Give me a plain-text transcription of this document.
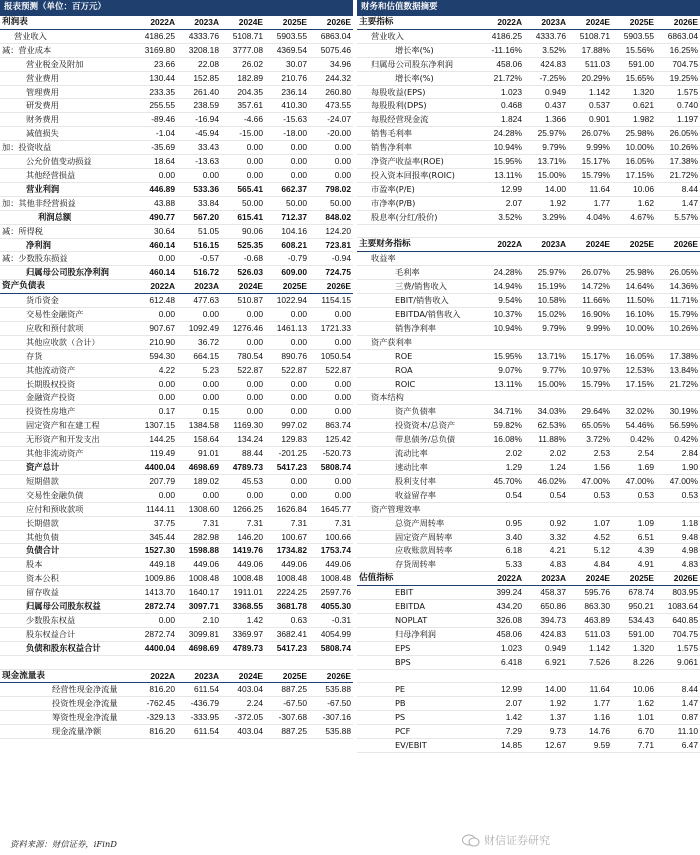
报表预测（单位：百万元）	财务和估值数据摘要
利润表	2022A	2023A	2024E	2025E	2026E
营业收入	4186.25	4333.76	5108.71	5903.55	6863.04
减：营业成本	3169.80	3208.18	3777.08	4369.54	5075.46
营业税金及附加	23.66	22.08	26.02	30.07	34.96
营业费用	130.44	152.85	182.89	210.76	244.32
管理费用	233.35	261.40	204.35	236.14	260.80
研发费用	255.55	238.59	357.61	410.30	473.55
财务费用	-89.46	-16.94	-4.66	-15.63	-24.07
减值损失	-1.04	-45.94	-15.00	-18.00	-20.00
加：投资收益	-35.69	33.43	0.00	0.00	0.00
公允价值变动损益	18.64	-13.63	0.00	0.00	0.00
其他经营损益	0.00	0.00	0.00	0.00	0.00
营业利润	446.89	533.36	565.41	662.37	798.02
加：其他非经营损益	43.88	33.84	50.00	50.00	50.00
利润总额	490.77	567.20	615.41	712.37	848.02
减：所得税	30.64	51.05	90.06	104.16	124.20
净利润	460.14	516.15	525.35	608.21	723.81
减：少数股东损益	0.00	-0.57	-0.68	-0.79	-0.94
归属母公司股东净利润	460.14	516.72	526.03	609.00	724.75
资产负债表	2022A	2023A	2024E	2025E	2026E
货币资金	612.48	477.63	510.87	1022.94	1154.15
交易性金融资产	0.00	0.00	0.00	0.00	0.00
应收和预付款项	907.67	1092.49	1276.46	1461.13	1721.33
其他应收款（合计）	210.90	36.72	0.00	0.00	0.00
存货	594.30	664.15	780.54	890.76	1050.54
其他流动资产	4.22	5.23	522.87	522.87	522.87
长期股权投资	0.00	0.00	0.00	0.00	0.00
金融资产投资	0.00	0.00	0.00	0.00	0.00
投资性房地产	0.17	0.15	0.00	0.00	0.00
固定资产和在建工程	1307.15	1384.58	1169.30	997.02	863.74
无形资产和开发支出	144.25	158.64	134.24	129.83	125.42
其他非流动资产	119.49	91.01	88.44	-201.25	-520.73
资产总计	4400.04	4698.69	4789.73	5417.23	5808.74
短期借款	207.79	189.02	45.53	0.00	0.00
交易性金融负债	0.00	0.00	0.00	0.00	0.00
应付和预收款项	1144.11	1308.60	1266.25	1626.84	1645.77
长期借款	37.75	7.31	7.31	7.31	7.31
其他负债	345.44	282.98	146.20	100.67	100.66
负债合计	1527.30	1598.88	1419.76	1734.82	1753.74
股本	449.18	449.06	449.06	449.06	449.06
资本公积	1009.86	1008.48	1008.48	1008.48	1008.48
留存收益	1413.70	1640.17	1911.01	2224.25	2597.76
归属母公司股东权益	2872.74	3097.71	3368.55	3681.78	4055.30
少数股东权益	0.00	2.10	1.42	0.63	-0.31
股东权益合计	2872.74	3099.81	3369.97	3682.41	4054.99
负债和股东权益合计	4400.04	4698.69	4789.73	5417.23	5808.74

现金流量表	2022A	2023A	2024E	2025E	2026E
经营性现金净流量	816.20	611.54	403.04	887.25	535.88
投资性现金净流量	-762.45	-436.79	2.24	-67.50	-67.50
筹资性现金净流量	-329.13	-333.95	-372.05	-307.68	-307.16
现金流量净额	816.20	611.54	403.04	887.25	535.88
主要指标	2022A	2023A	2024E	2025E	2026E
营业收入	4186.25	4333.76	5108.71	5903.55	6863.04
增长率(%)	-11.16%	3.52%	17.88%	15.56%	16.25%
归属母公司股东净利润	458.06	424.83	511.03	591.00	704.75
增长率(%)	21.72%	-7.25%	20.29%	15.65%	19.25%
每股收益(EPS)	1.023	0.949	1.142	1.320	1.575
每股股利(DPS)	0.468	0.437	0.537	0.621	0.740
每股经营现金流	1.824	1.366	0.901	1.982	1.197
销售毛利率	24.28%	25.97%	26.07%	25.98%	26.05%
销售净利率	10.94%	9.79%	9.99%	10.00%	10.26%
净资产收益率(ROE)	15.95%	13.71%	15.17%	16.05%	17.38%
投入资本回报率(ROIC)	13.11%	15.00%	15.79%	17.15%	21.72%
市盈率(P/E)	12.99	14.00	11.64	10.06	8.44
市净率(P/B)	2.07	1.92	1.77	1.62	1.47
股息率(分红/股价)	3.52%	3.29%	4.04%	4.67%	5.57%

主要财务指标	2022A	2023A	2024E	2025E	2026E
收益率					
毛利率	24.28%	25.97%	26.07%	25.98%	26.05%
三费/销售收入	14.94%	15.19%	14.72%	14.64%	14.36%
EBIT/销售收入	9.54%	10.58%	11.66%	11.50%	11.71%
EBITDA/销售收入	10.37%	15.02%	16.90%	16.10%	15.79%
销售净利率	10.94%	9.79%	9.99%	10.00%	10.26%
资产获利率					
ROE	15.95%	13.71%	15.17%	16.05%	17.38%
ROA	9.07%	9.77%	10.97%	12.53%	13.84%
ROIC	13.11%	15.00%	15.79%	17.15%	21.72%
资本结构					
资产负债率	34.71%	34.03%	29.64%	32.02%	30.19%
投资资本/总资产	59.82%	62.53%	65.05%	54.46%	56.59%
带息债务/总负债	16.08%	11.88%	3.72%	0.42%	0.42%
流动比率	2.02	2.02	2.53	2.54	2.84
速动比率	1.29	1.24	1.56	1.69	1.90
股利支付率	45.70%	46.02%	47.00%	47.00%	47.00%
收益留存率	0.54	0.54	0.53	0.53	0.53
资产管理效率					
总资产周转率	0.95	0.92	1.07	1.09	1.18
固定资产周转率	3.40	3.32	4.52	6.51	9.48
应收账款周转率	6.18	4.21	5.12	4.39	4.98
存货周转率	5.33	4.83	4.84	4.91	4.83
估值指标	2022A	2023A	2024E	2025E	2026E
EBIT	399.24	458.37	595.76	678.74	803.95
EBITDA	434.20	650.86	863.30	950.21	1083.64
NOPLAT	326.08	394.73	463.89	534.43	640.85
归母净利润	458.06	424.83	511.03	591.00	704.75
EPS	1.023	0.949	1.142	1.320	1.575
BPS	6.418	6.921	7.526	8.226	9.061

PE	12.99	14.00	11.64	10.06	8.44
PB	2.07	1.92	1.77	1.62	1.47
PS	1.42	1.37	1.16	1.01	0.87
PCF	7.29	9.73	14.76	6.70	11.10
EV/EBIT	14.85	12.67	9.59	7.71	6.47
资料来源：财信证券，iFinD	财信证券研究
